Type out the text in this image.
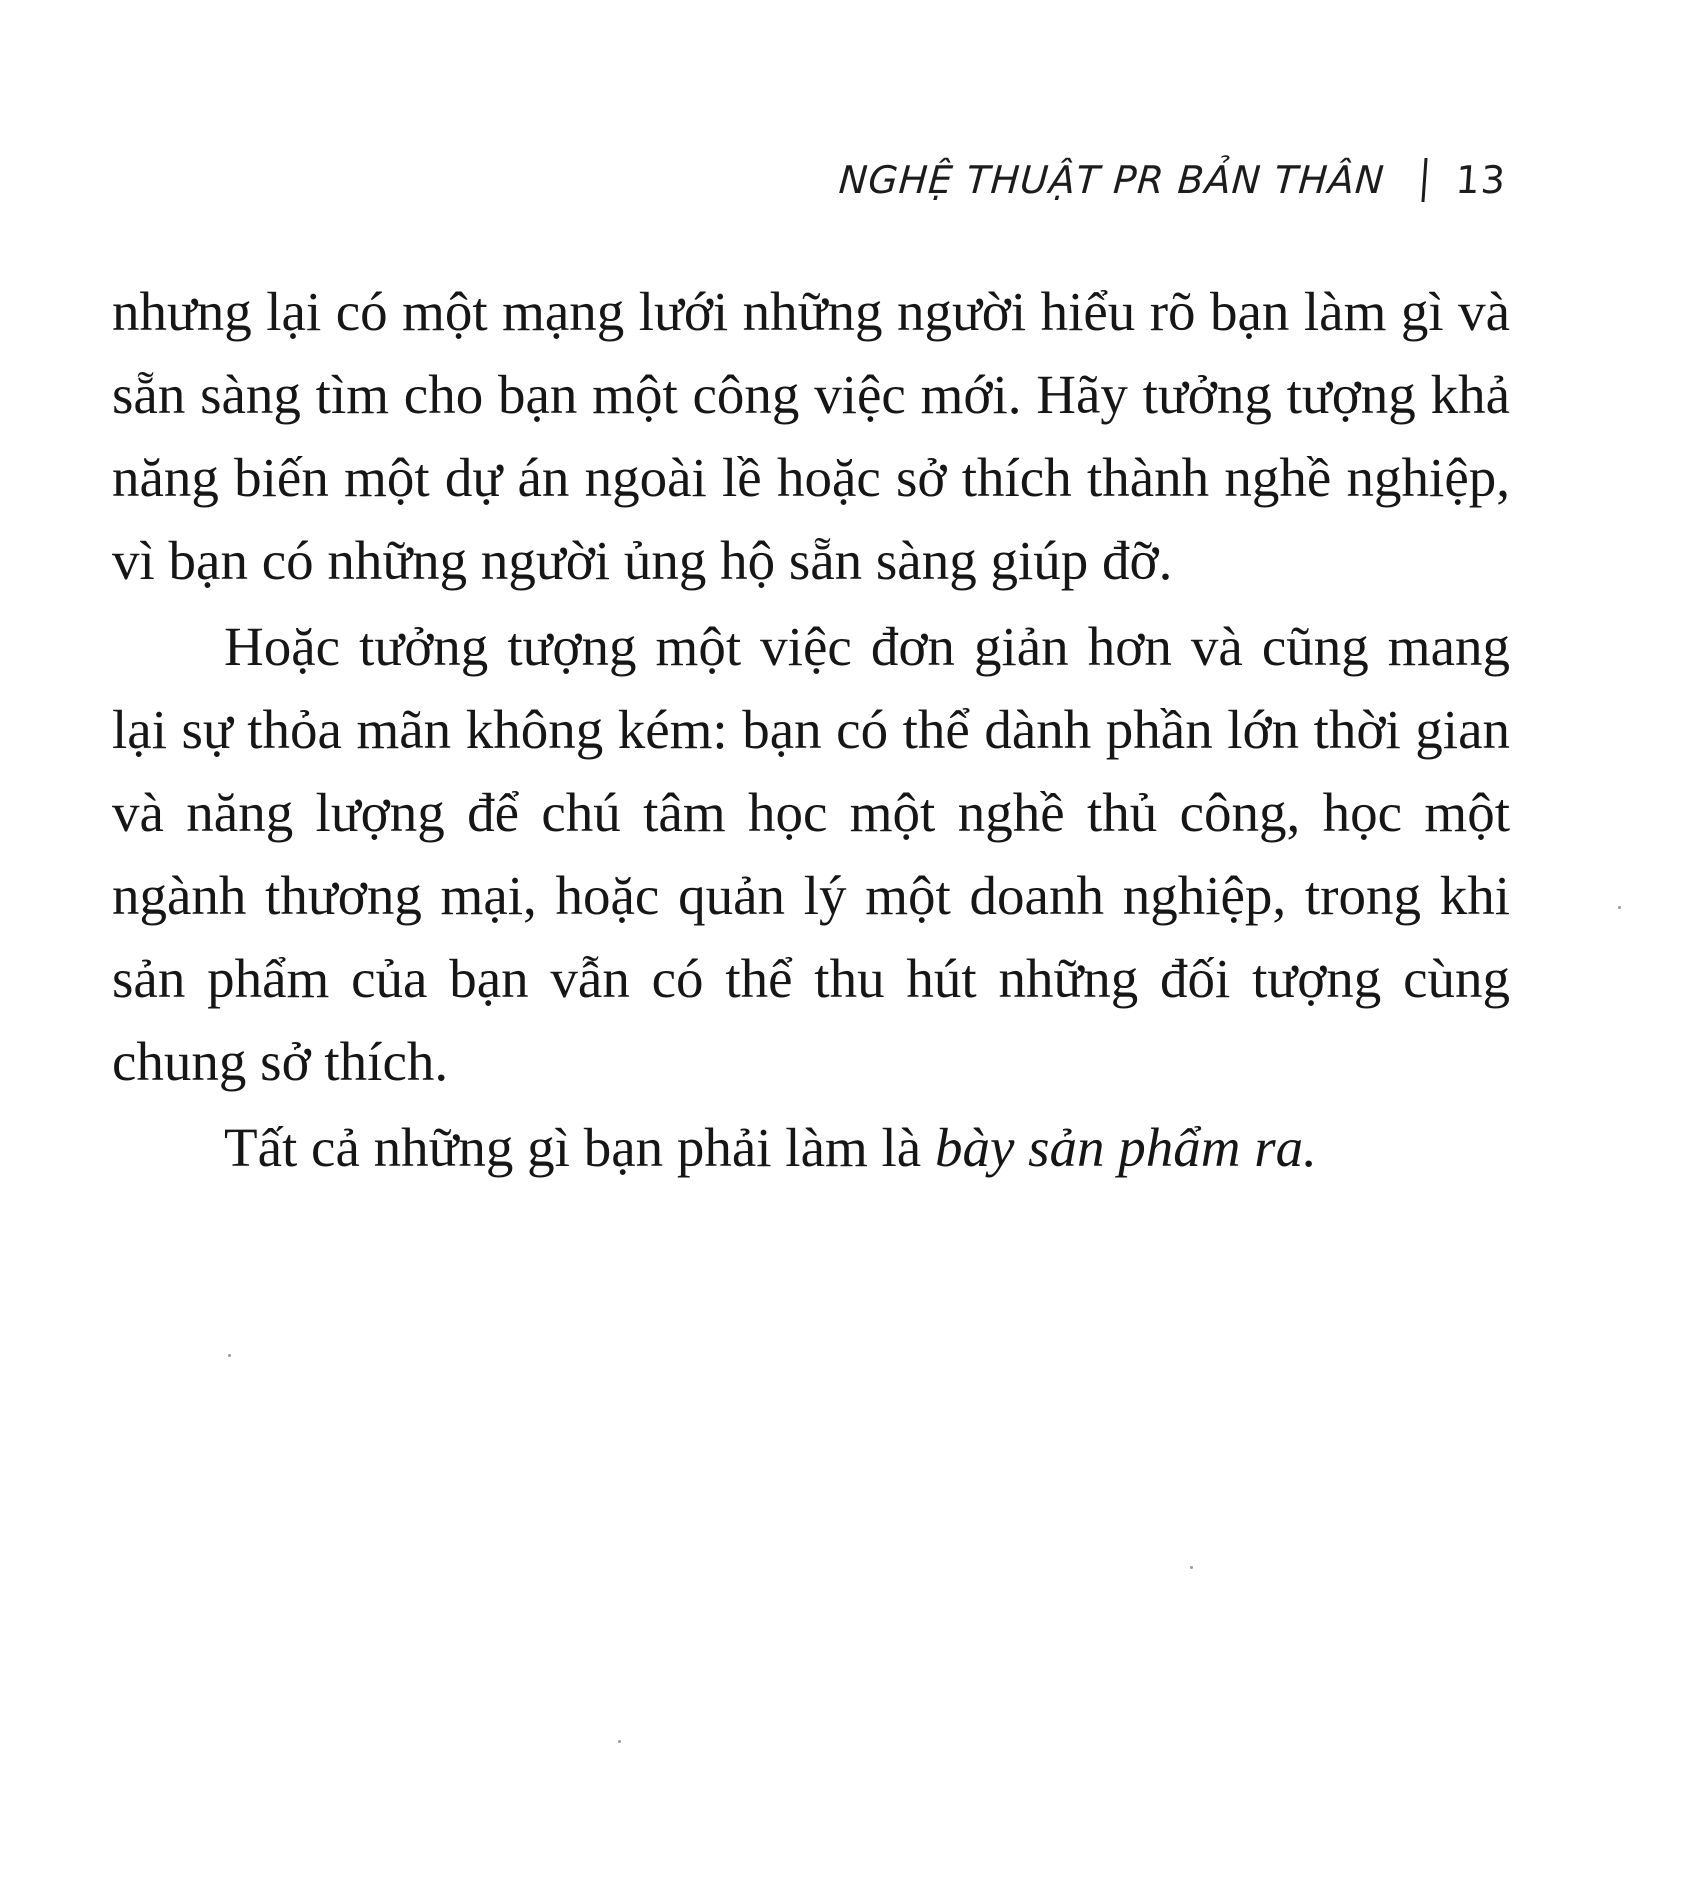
NGHỆ THUẬT PR BẢN THÂN 13

nhưng lại có một mạng lưới những người hiểu rõ bạn làm gì và sẵn sàng tìm cho bạn một công việc mới. Hãy tưởng tượng khả năng biến một dự án ngoài lề hoặc sở thích thành nghề nghiệp, vì bạn có những người ủng hộ sẵn sàng giúp đỡ.

Hoặc tưởng tượng một việc đơn giản hơn và cũng mang lại sự thỏa mãn không kém: bạn có thể dành phần lớn thời gian và năng lượng để chú tâm học một nghề thủ công, học một ngành thương mại, hoặc quản lý một doanh nghiệp, trong khi sản phẩm của bạn vẫn có thể thu hút những đối tượng cùng chung sở thích.

Tất cả những gì bạn phải làm là bày sản phẩm ra.
